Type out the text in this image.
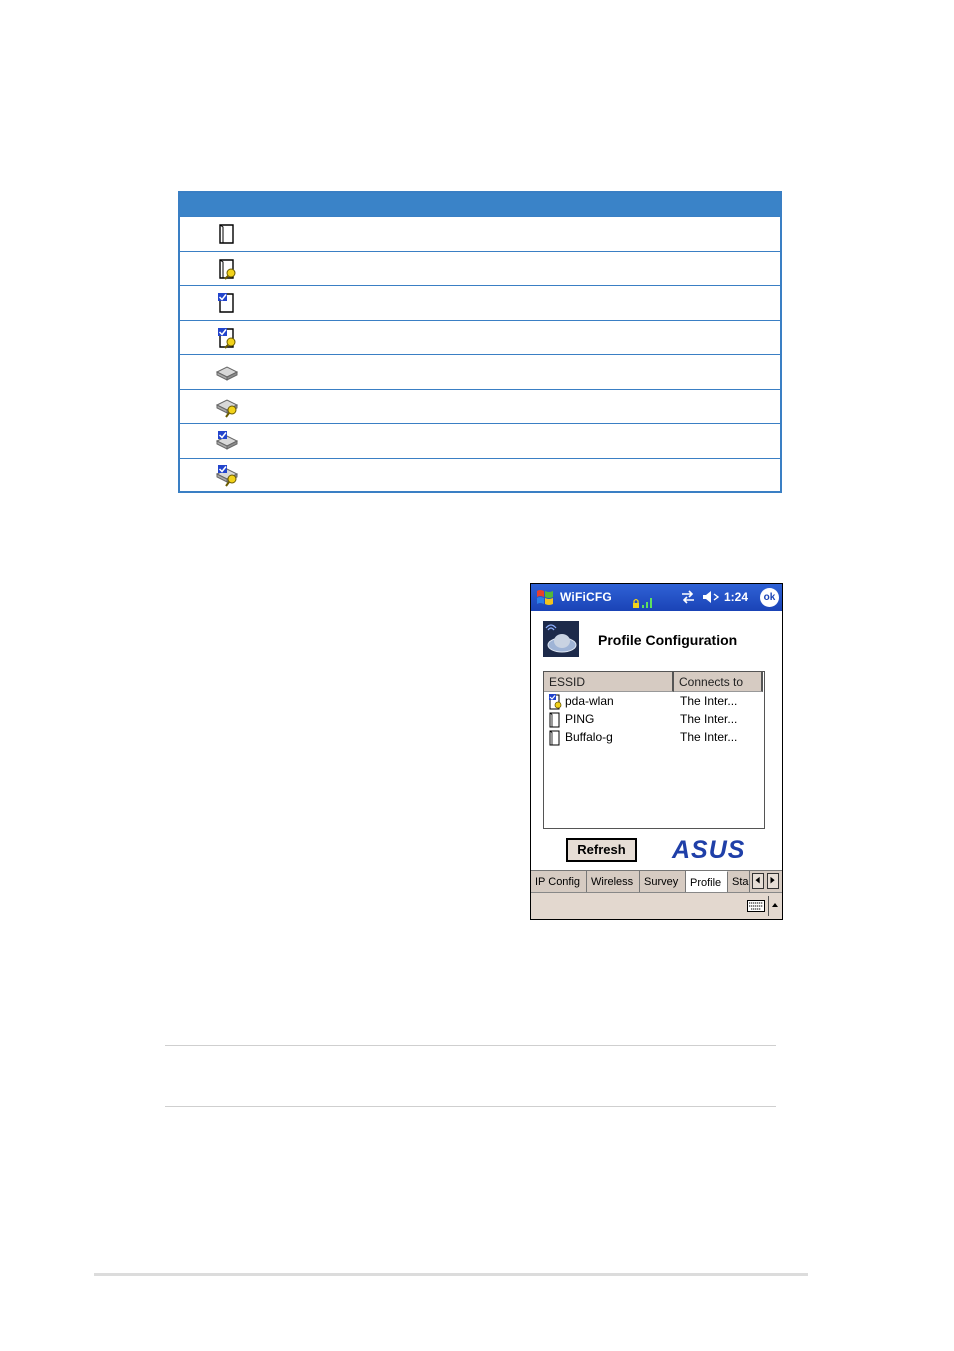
WiFiCFG	1:24	ok
Profile Configuration
ESSID	Connects to
pda-wlan	The Inter...
PING	The Inter...
Buffalo-g	The Inter...
Refresh	ASUS
IP Config Wireless Survey	Profile Sta
